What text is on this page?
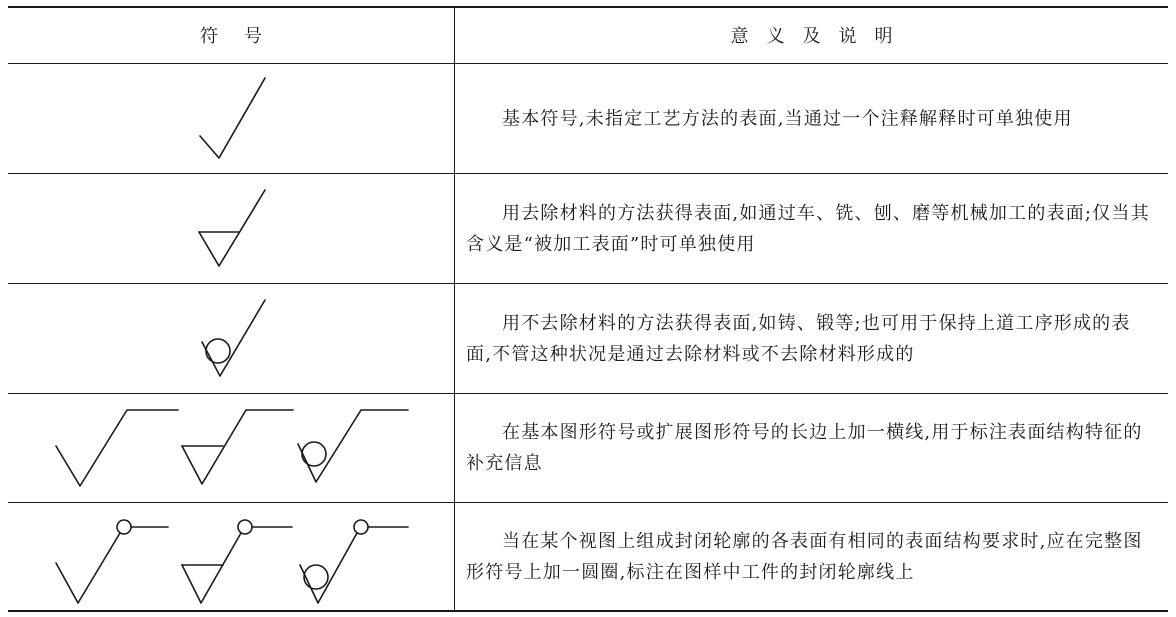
符号	意义及说明
基本符号,未指定工艺方法的表面,当通过一个注释解释时可单独使用
用去除材料的方法获得表面,如通过车、铣、刨、磨等机械加工的表面;仅当其含义是“被加工表面”时可单独使用
用不去除材料的方法获得表面,如铸、锻等;也可用于保持上道工序形成的表面,不管这种状况是通过去除材料或不去除材料形成的
在基本图形符号或扩展图形符号的长边上加一横线,用于标注表面结构特征的补充信息
当在某个视图上组成封闭轮廓的各表面有相同的表面结构要求时,应在完整图形符号上加一圆圈,标注在图样中工件的封闭轮廓线上
